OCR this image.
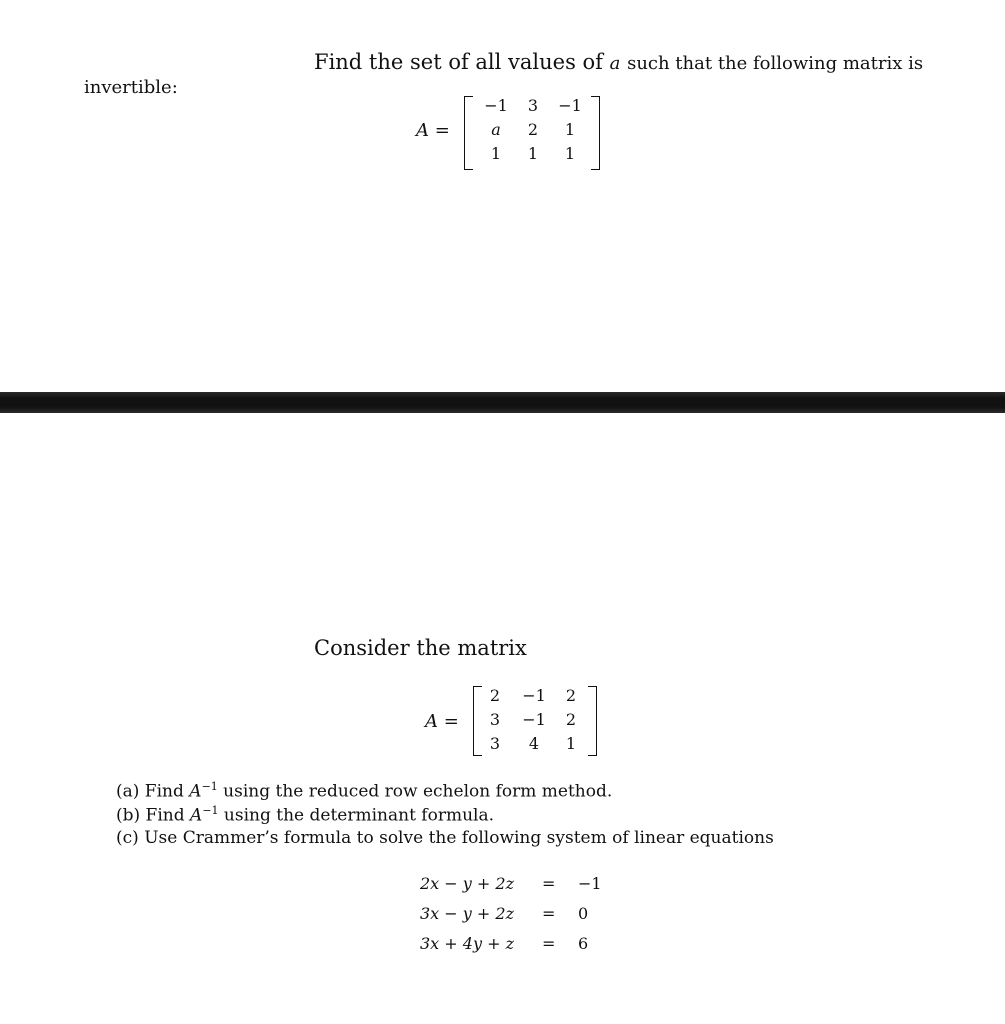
Find the set of all values of a such that the following matrix is
invertible:
A =
−1	3	−1
a	2	1
1	1	1
Consider the matrix
A =
2	−1	2
3	−1	2
3	4	1
(a) Find $A^{-1}$ using the reduced row echelon form method.
(b) Find $A^{-1}$ using the determinant formula.
(c) Use Crammer’s formula to solve the following system of linear equations
2x − y + 2z = −1
3x − y + 2z = 0
3x + 4y + z = 6
